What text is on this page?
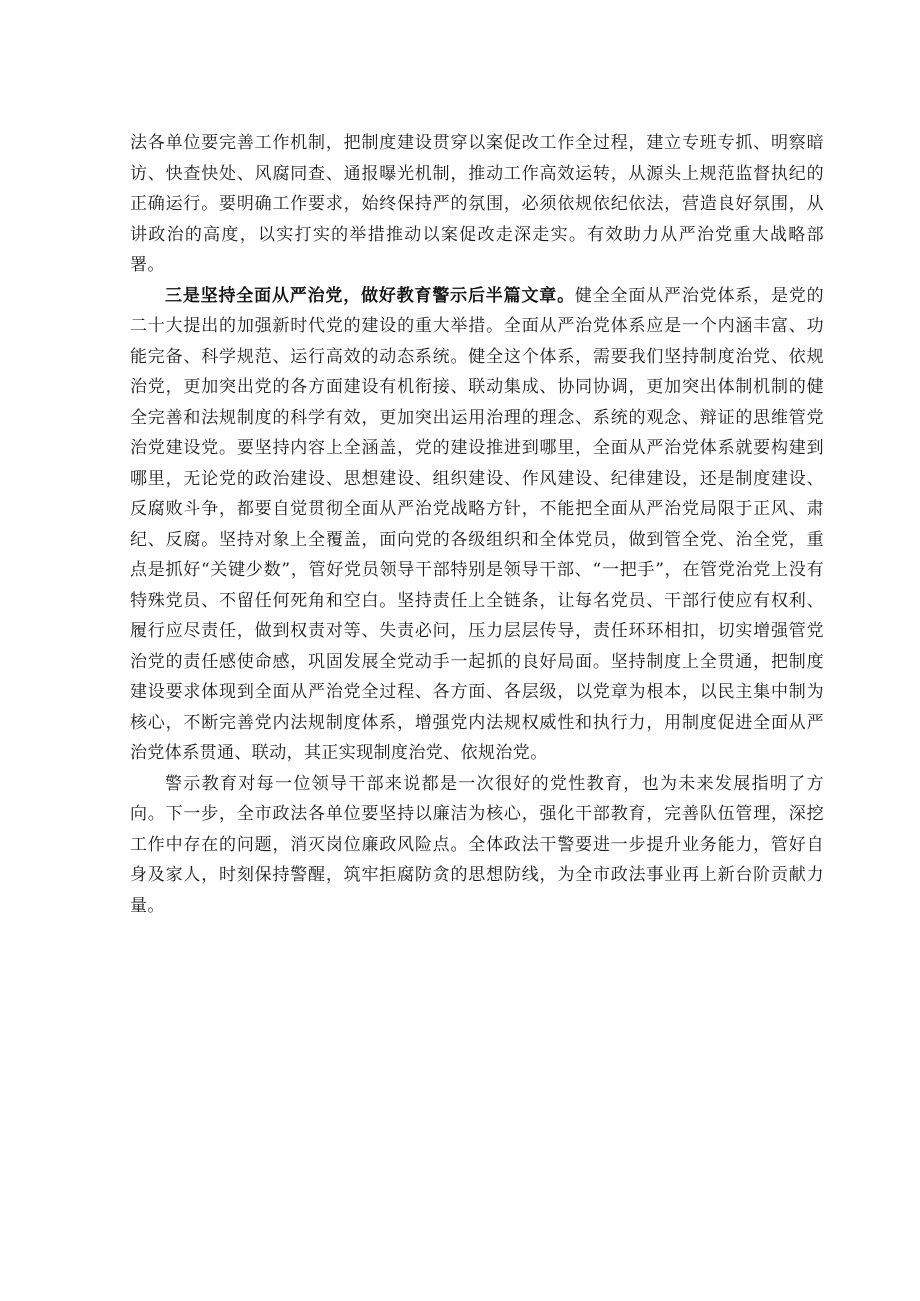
法各单位要完善工作机制，把制度建设贯穿以案促改工作全过程，建立专班专抓、明察暗访、快查快处、风腐同查、通报曝光机制，推动工作高效运转，从源头上规范监督执纪的正确运行。要明确工作要求，始终保持严的氛围，必须依规依纪依法，营造良好氛围，从讲政治的高度，以实打实的举措推动以案促改走深走实。有效助力从严治党重大战略部署。

三是坚持全面从严治党，做好教育警示后半篇文章。健全全面从严治党体系，是党的二十大提出的加强新时代党的建设的重大举措。全面从严治党体系应是一个内涵丰富、功能完备、科学规范、运行高效的动态系统。健全这个体系，需要我们坚持制度治党、依规治党，更加突出党的各方面建设有机衔接、联动集成、协同协调，更加突出体制机制的健全完善和法规制度的科学有效，更加突出运用治理的理念、系统的观念、辩证的思维管党治党建设党。要坚持内容上全涵盖，党的建设推进到哪里，全面从严治党体系就要构建到哪里，无论党的政治建设、思想建设、组织建设、作风建设、纪律建设，还是制度建设、反腐败斗争，都要自觉贯彻全面从严治党战略方针，不能把全面从严治党局限于正风、肃纪、反腐。坚持对象上全覆盖，面向党的各级组织和全体党员，做到管全党、治全党，重点是抓好“关键少数”，管好党员领导干部特别是领导干部、“一把手”，在管党治党上没有特殊党员、不留任何死角和空白。坚持责任上全链条，让每名党员、干部行使应有权利、履行应尽责任，做到权责对等、失责必问，压力层层传导，责任环环相扣，切实增强管党治党的责任感使命感，巩固发展全党动手一起抓的良好局面。坚持制度上全贯通，把制度建设要求体现到全面从严治党全过程、各方面、各层级，以党章为根本，以民主集中制为核心，不断完善党内法规制度体系，增强党内法规权威性和执行力，用制度促进全面从严治党体系贯通、联动，其正实现制度治党、依规治党。

警示教育对每一位领导干部来说都是一次很好的党性教育，也为未来发展指明了方向。下一步，全市政法各单位要坚持以廉洁为核心，强化干部教育，完善队伍管理，深挖工作中存在的问题，消灭岗位廉政风险点。全体政法干警要进一步提升业务能力，管好自身及家人，时刻保持警醒，筑牢拒腐防贪的思想防线，为全市政法事业再上新台阶贡献力量。
